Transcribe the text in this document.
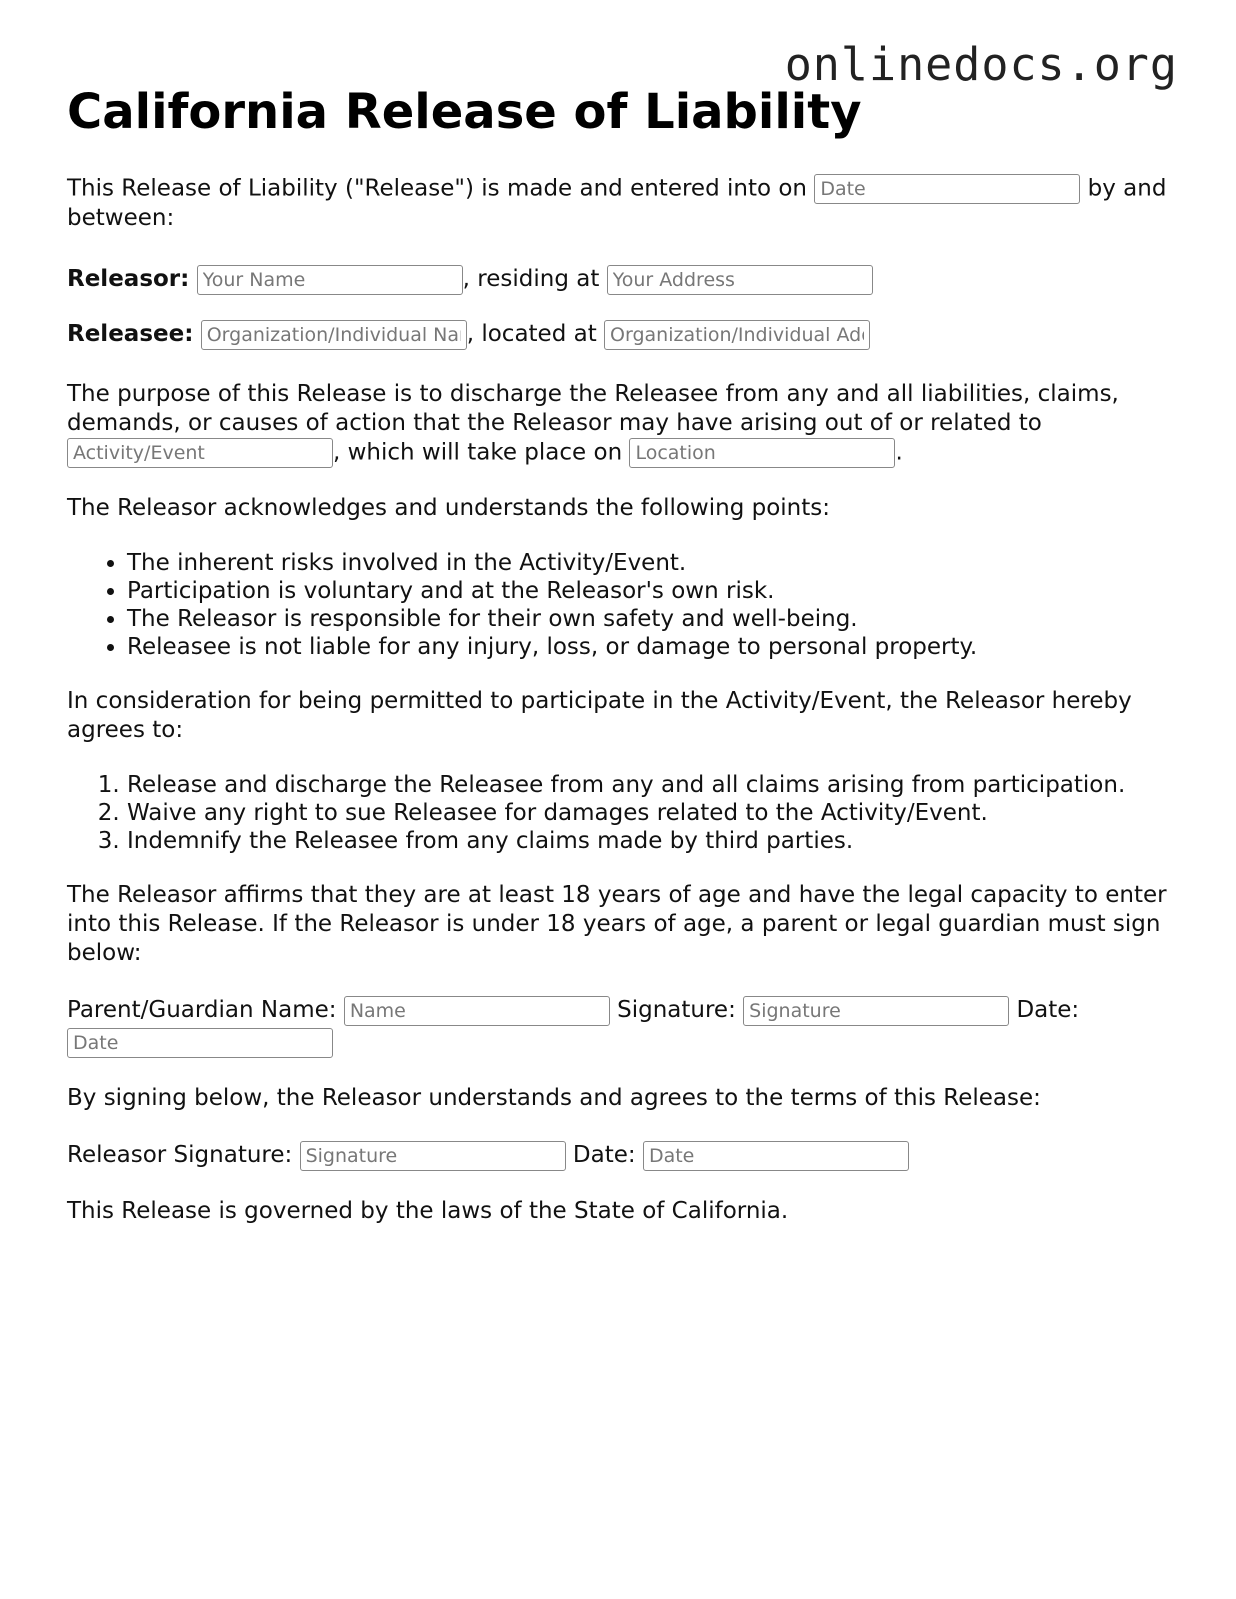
onlinedocs.org
California Release of Liability

This Release of Liability ("Release") is made and entered into on Date	by and between:

Releasor: Your Name	, residing at Your Address

Releasee: Organization/Individual Name	, located at Organization/Individual Address

The purpose of this Release is to discharge the Releasee from any and all liabilities, claims, demands, or causes of action that the Releasor may have arising out of or related to Activity/Event, which will take place on Location	.

The Releasor acknowledges and understands the following points:

• The inherent risks involved in the Activity/Event.
• Participation is voluntary and at the Releasor's own risk.
• The Releasor is responsible for their own safety and well-being.
• Releasee is not liable for any injury, loss, or damage to personal property.

In consideration for being permitted to participate in the Activity/Event, the Releasor hereby agrees to:

1. Release and discharge the Releasee from any and all claims arising from participation.
2. Waive any right to sue Releasee for damages related to the Activity/Event.
3. Indemnify the Releasee from any claims made by third parties.

The Releasor affirms that they are at least 18 years of age and have the legal capacity to enter into this Release. If the Releasor is under 18 years of age, a parent or legal guardian must sign below:

Parent/Guardian Name: Name	Signature: Signature	Date: Date

By signing below, the Releasor understands and agrees to the terms of this Release:

Releasor Signature: Signature	Date: Date

This Release is governed by the laws of the State of California.
